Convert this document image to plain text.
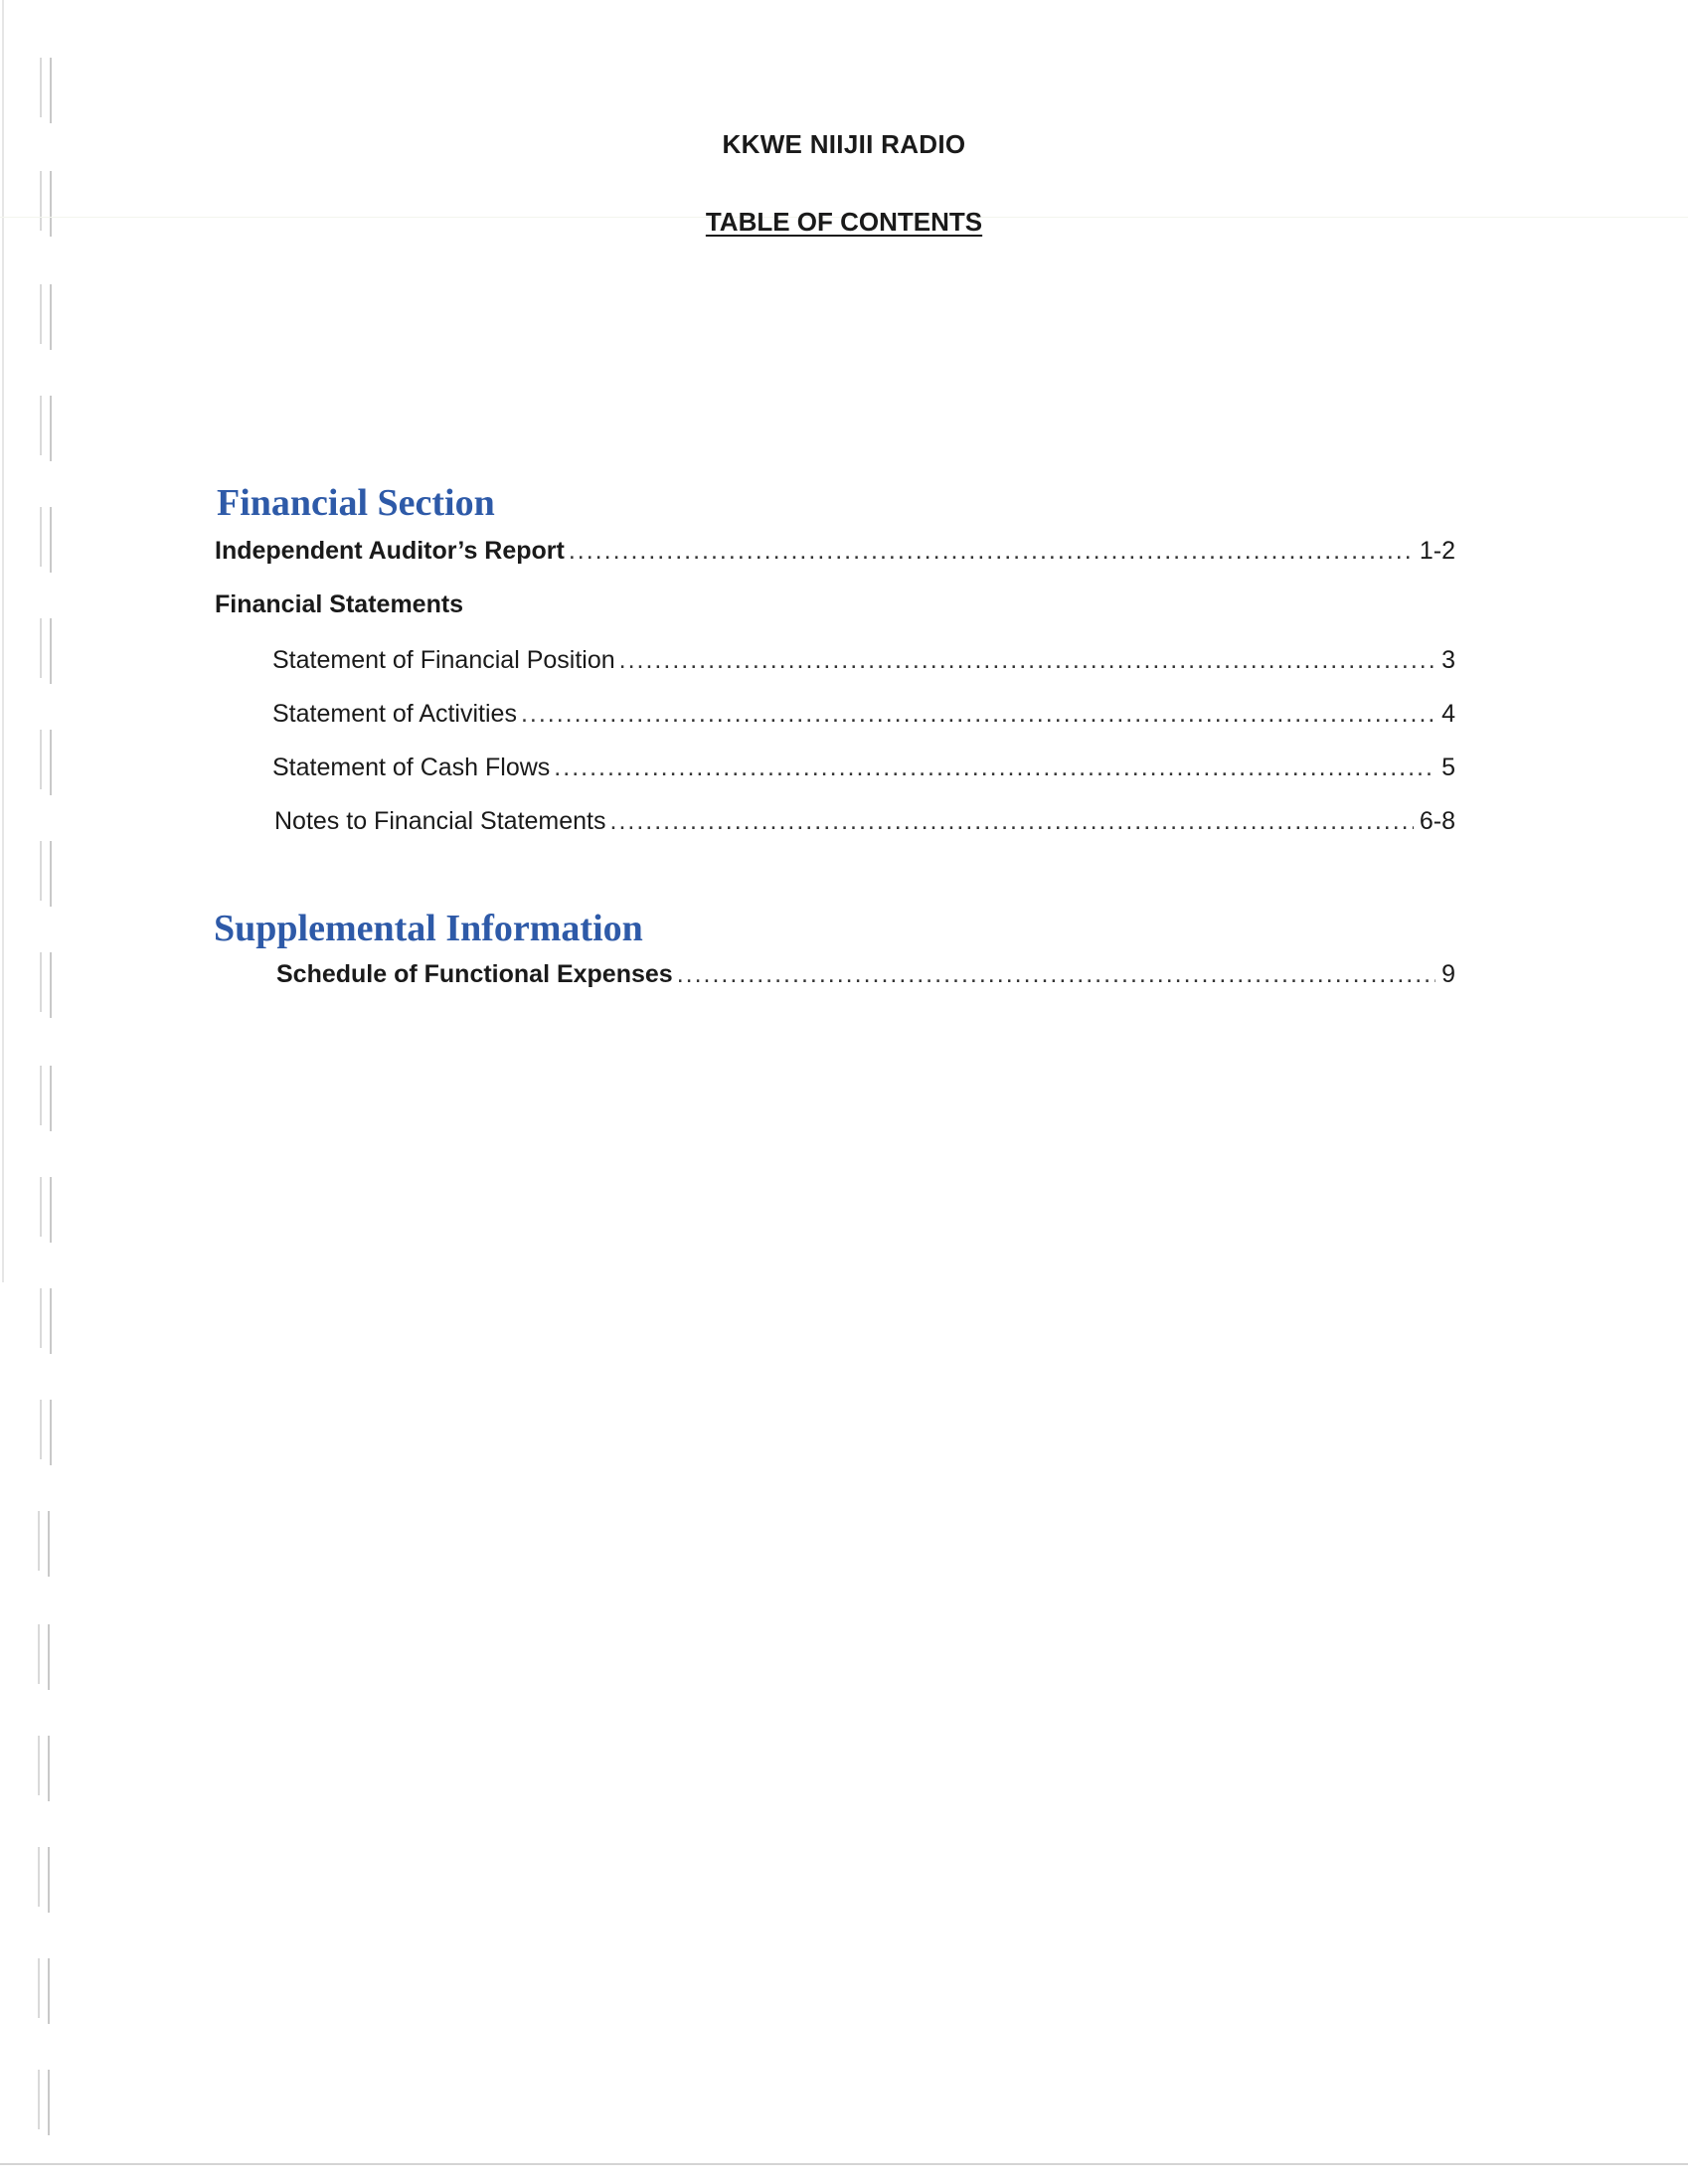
KKWE NIIJII RADIO
TABLE OF CONTENTS
Financial Section
Independent Auditor’s Report .....	1-2
Financial Statements
Statement of Financial Position .....	3
Statement of Activities .....	4
Statement of Cash Flows .....	5
Notes to Financial Statements .....	6-8
Supplemental Information
Schedule of Functional Expenses .....	9
